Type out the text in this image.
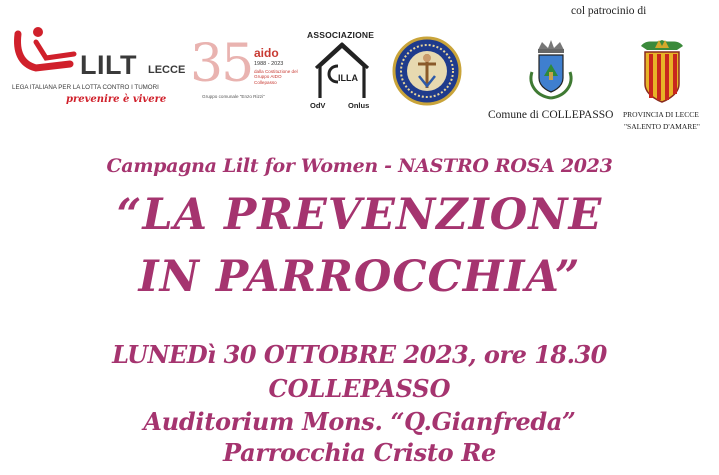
LILT LECCE
LEGA ITALIANA PER LA LOTTA CONTRO I TUMORI
prevenire è vivere
35 aido
1988 - 2023
dalla Costituzione del Gruppo AIDO Collepasso
Gruppo comunale "Enzo Rizzi"
ASSOCIAZIONE
ILLA
OdV	Onlus
col patrocinio di
Comune di COLLEPASSO PROVINCIA DI LECCE
"SALENTO D'AMARE"
Campagna Lilt for Women - NASTRO ROSA 2023
“LA PREVENZIONE
IN PARROCCHIA”
LUNEDì 30 OTTOBRE 2023, ore 18.30
COLLEPASSO
Auditorium Mons. “Q.Gianfreda”
Parrocchia Cristo Re
